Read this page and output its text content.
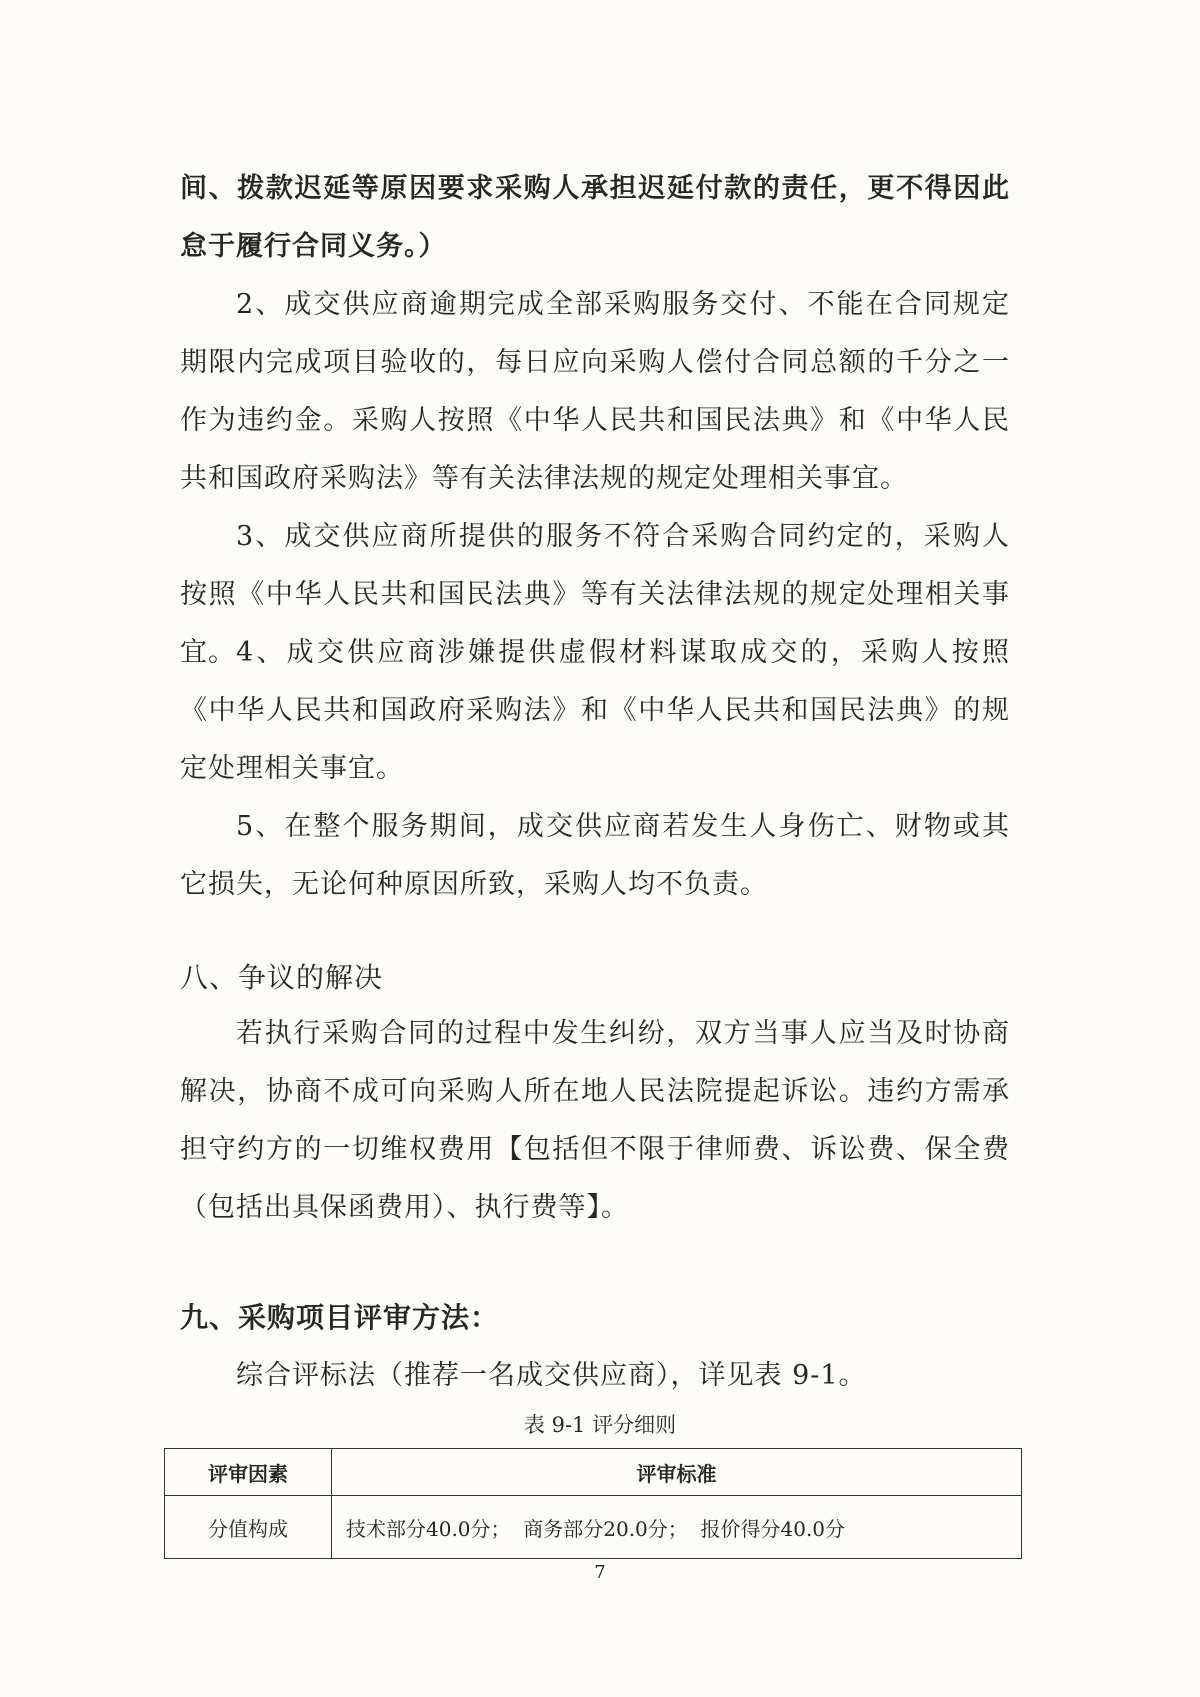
间、拨款迟延等原因要求采购人承担迟延付款的责任，更不得因此怠于履行合同义务。）
2、成交供应商逾期完成全部采购服务交付、不能在合同规定期限内完成项目验收的，每日应向采购人偿付合同总额的千分之一作为违约金。采购人按照《中华人民共和国民法典》和《中华人民共和国政府采购法》等有关法律法规的规定处理相关事宜。
3、成交供应商所提供的服务不符合采购合同约定的，采购人按照《中华人民共和国民法典》等有关法律法规的规定处理相关事宜。 4、成交供应商涉嫌提供虚假材料谋取成交的，采购人按照《中华人民共和国政府采购法》和《中华人民共和国民法典》的规定处理相关事宜。
5、在整个服务期间，成交供应商若发生人身伤亡、财物或其它损失，无论何种原因所致，采购人均不负责。
八、争议的解决
若执行采购合同的过程中发生纠纷，双方当事人应当及时协商解决，协商不成可向采购人所在地人民法院提起诉讼。违约方需承担守约方的一切维权费用【包括但不限于律师费、诉讼费、保全费（包括出具保函费用）、执行费等】。
九、采购项目评审方法：
综合评标法（推荐一名成交供应商），详见表 9-1。
表 9-1 评分细则
评审因素	评审标准
分值构成	技术部分40.0分；  商务部分20.0分；  报价得分40.0分
7
